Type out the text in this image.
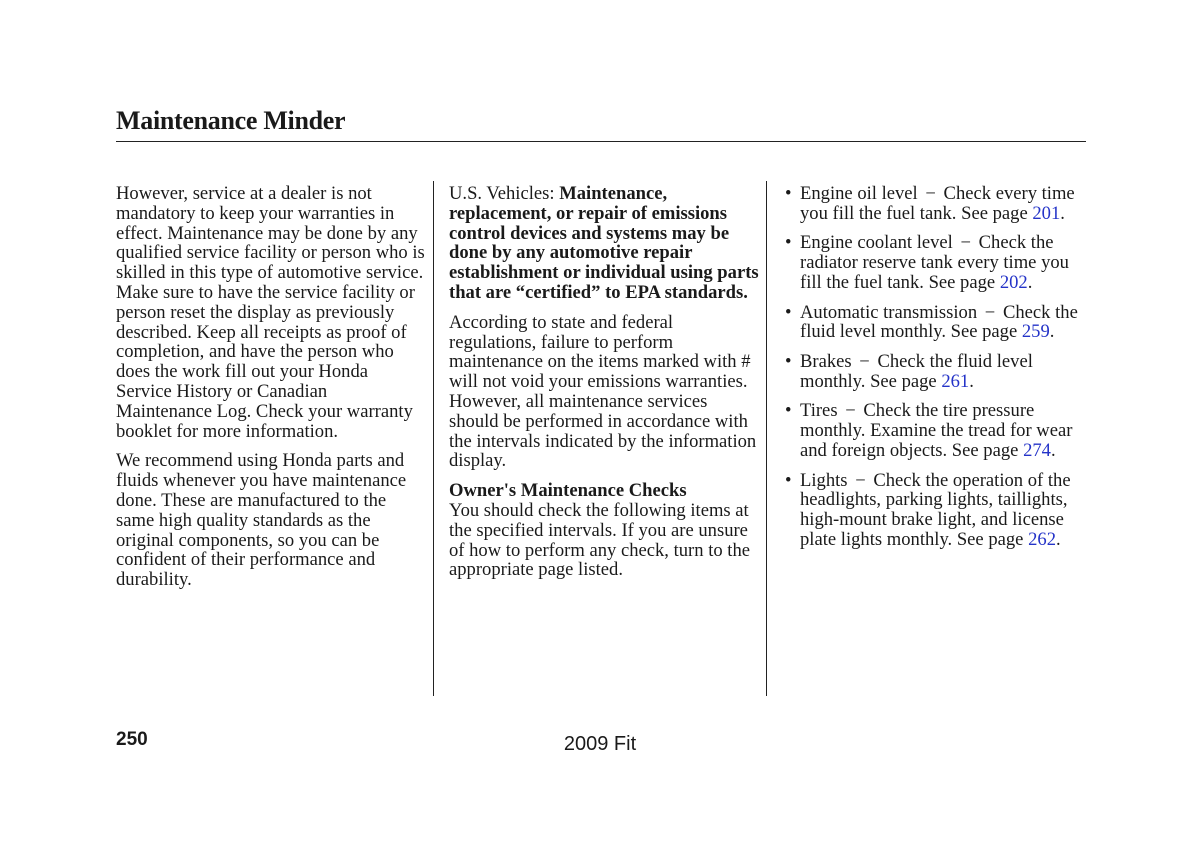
Maintenance Minder

However, service at a dealer is not mandatory to keep your warranties in effect. Maintenance may be done by any qualified service facility or person who is skilled in this type of automotive service. Make sure to have the service facility or person reset the display as previously described. Keep all receipts as proof of completion, and have the person who does the work fill out your Honda Service History or Canadian Maintenance Log. Check your warranty booklet for more information.

We recommend using Honda parts and fluids whenever you have maintenance done. These are manufactured to the same high quality standards as the original components, so you can be confident of their performance and durability.

U.S. Vehicles: Maintenance, replacement, or repair of emissions control devices and systems may be done by any automotive repair establishment or individual using parts that are “certified” to EPA standards.

According to state and federal regulations, failure to perform maintenance on the items marked with # will not void your emissions warranties. However, all maintenance services should be performed in accordance with the intervals indicated by the information display.

Owner's Maintenance Checks
You should check the following items at the specified intervals. If you are unsure of how to perform any check, turn to the appropriate page listed.

• Engine oil level − Check every time you fill the fuel tank. See page 201.
• Engine coolant level − Check the radiator reserve tank every time you fill the fuel tank. See page 202.
• Automatic transmission − Check the fluid level monthly. See page 259.
• Brakes − Check the fluid level monthly. See page 261.
• Tires − Check the tire pressure monthly. Examine the tread for wear and foreign objects. See page 274.
• Lights − Check the operation of the headlights, parking lights, taillights, high-mount brake light, and license plate lights monthly. See page 262.
250	2009 Fit
